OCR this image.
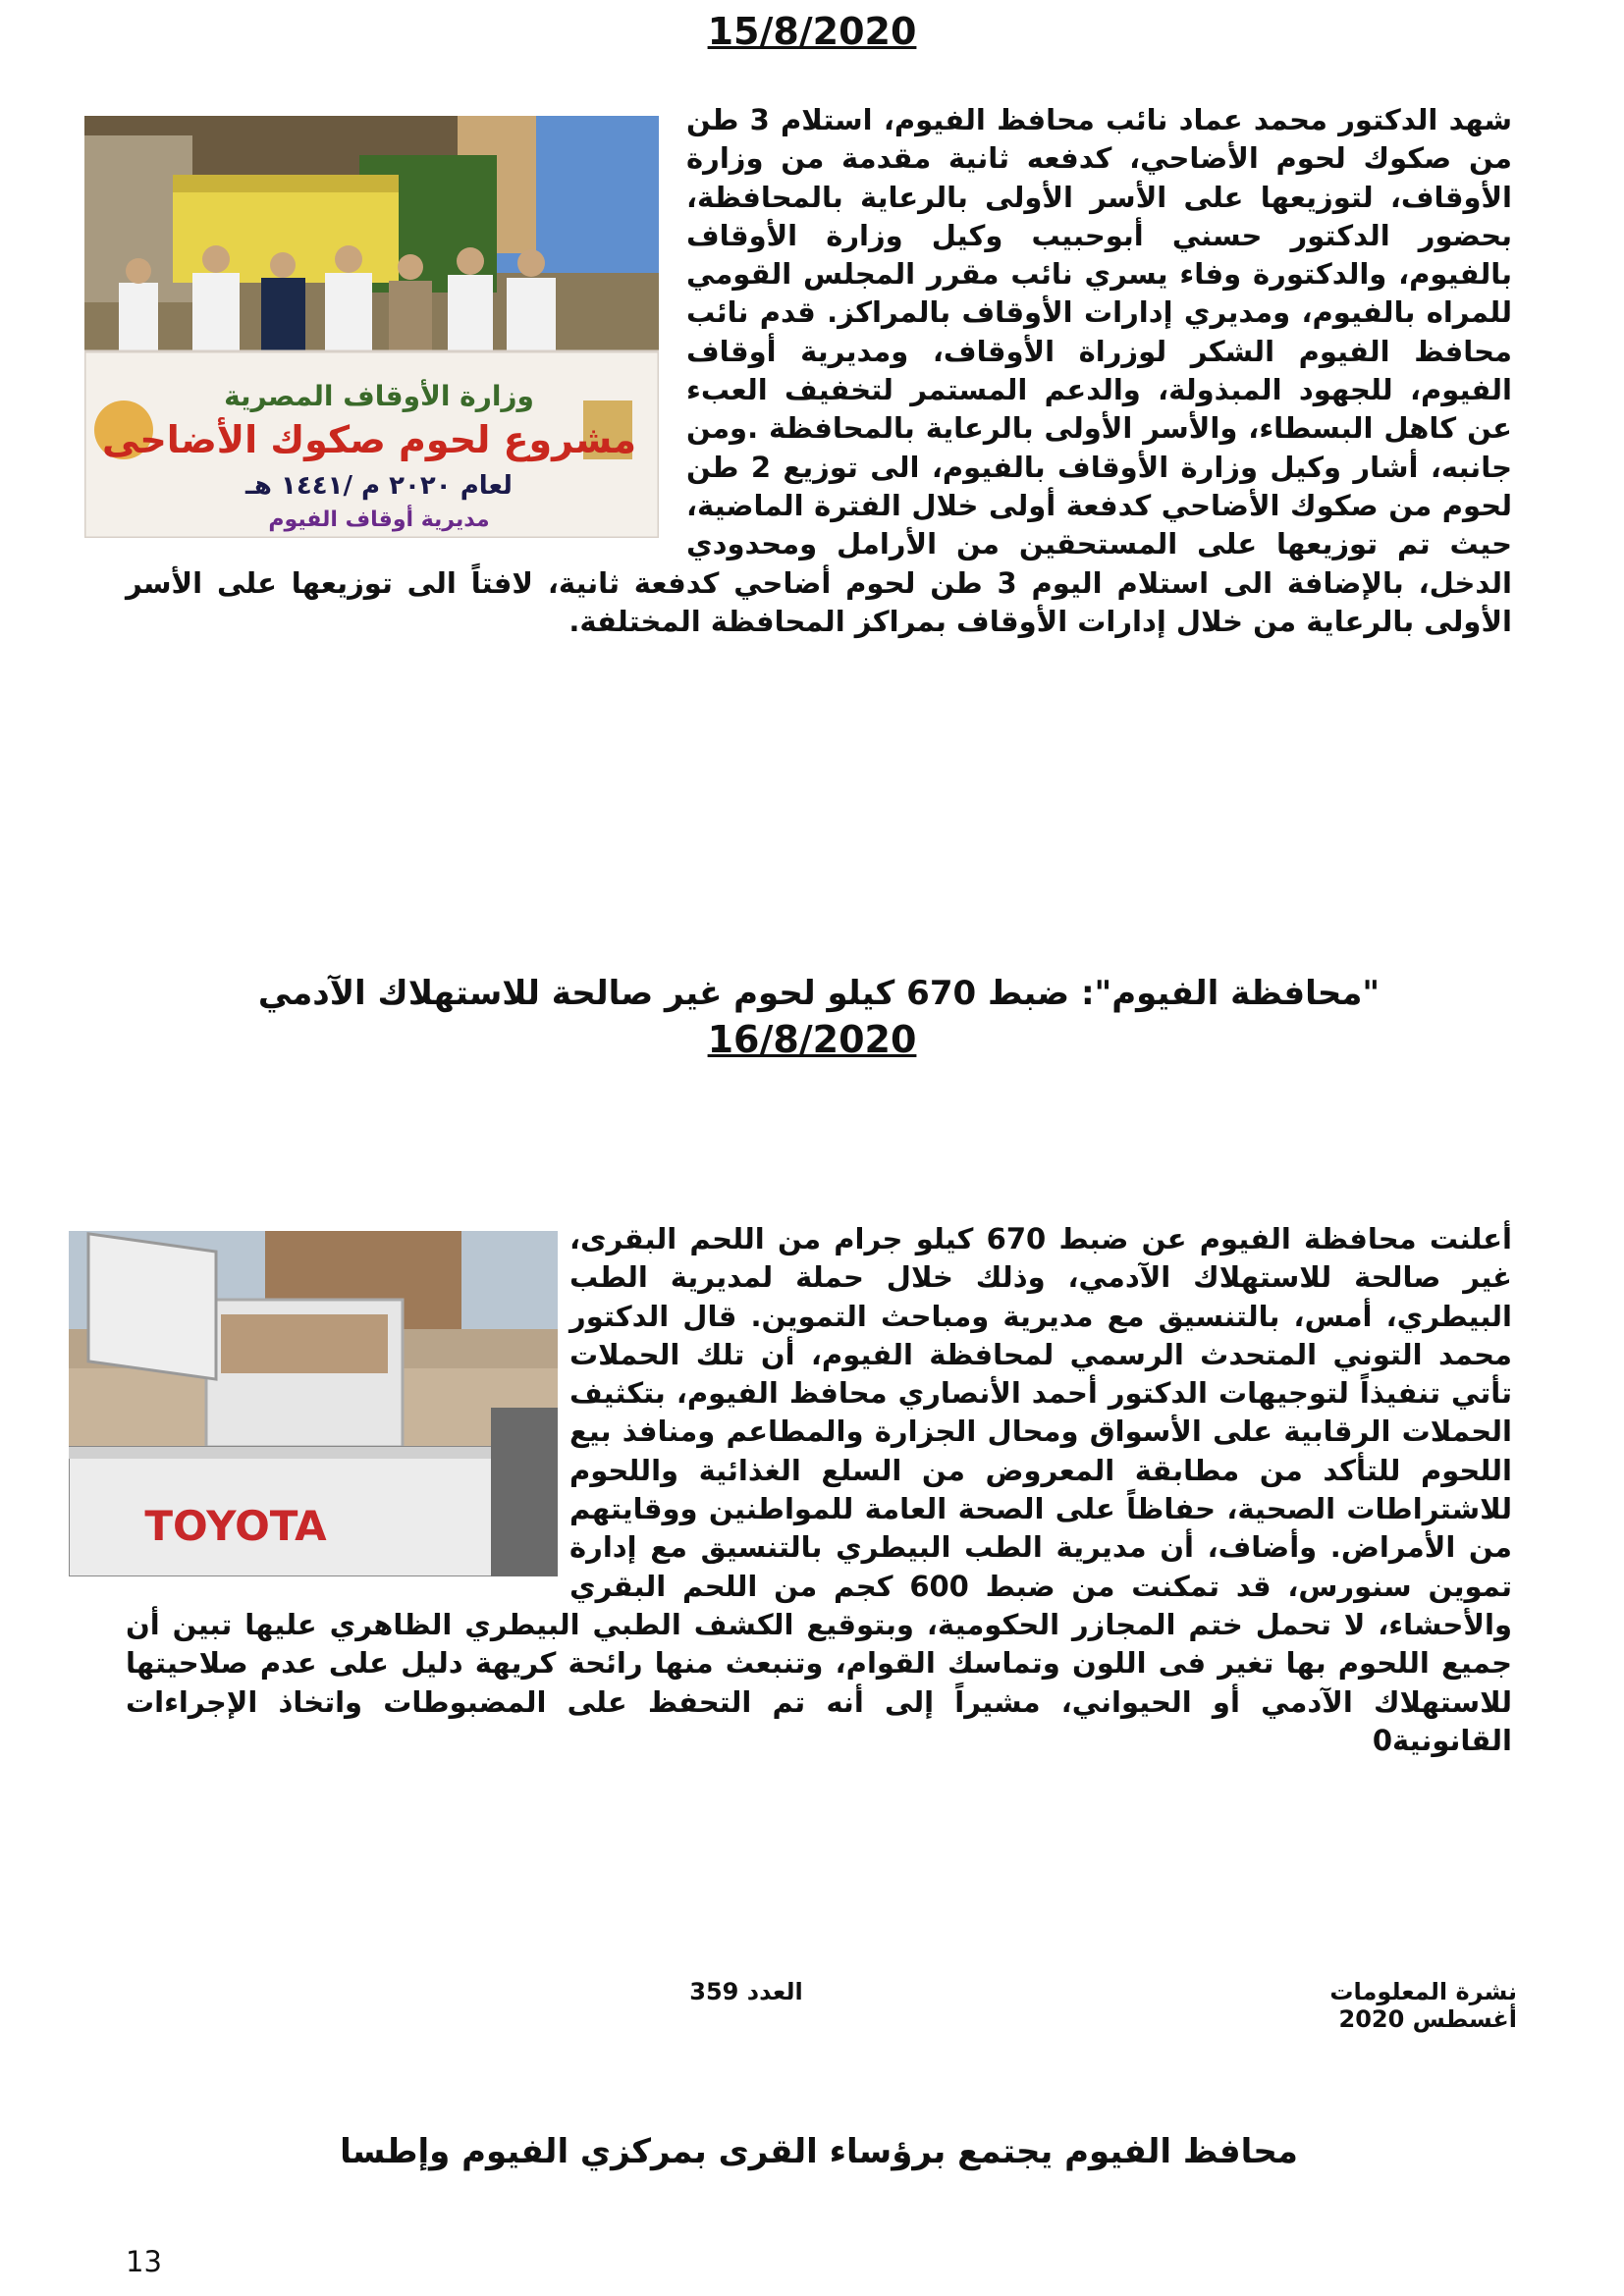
15/8/2020
وزارة الأوقاف المصرية
مشروع لحوم صكوك الأضاحى
لعام ٢٠٢٠ م /١٤٤١ هـ
مديرية أوقاف الفيوم

شهد الدكتور محمد عماد نائب محافظ الفيوم، استلام 3 طن من صكوك لحوم الأضاحي، كدفعه ثانية مقدمة من وزارة الأوقاف، لتوزيعها على الأسر الأولى بالرعاية بالمحافظة، بحضور الدكتور حسني أبوحبيب وكيل وزارة الأوقاف بالفيوم، والدكتورة وفاء يسري نائب مقرر المجلس القومي للمراه بالفيوم، ومديري إدارات الأوقاف بالمراكز. قدم نائب محافظ الفيوم الشكر لوزراة الأوقاف، ومديرية أوقاف الفيوم، للجهود المبذولة، والدعم المستمر لتخفيف العبء عن كاهل البسطاء، والأسر الأولى بالرعاية بالمحافظة .ومن جانبه، أشار وكيل وزارة الأوقاف بالفيوم، الى توزيع 2 طن لحوم من صكوك الأضاحي كدفعة أولى خلال الفترة الماضية، حيث تم توزيعها على المستحقين من الأرامل ومحدودي الدخل، بالإضافة الى استلام اليوم 3 طن لحوم أضاحي كدفعة ثانية، لافتاً الى توزيعها على الأسر الأولى بالرعاية من خلال إدارات الأوقاف بمراكز المحافظة المختلفة.

"محافظة الفيوم": ضبط 670 كيلو لحوم غير صالحة للاستهلاك الآدمي
16/8/2020
TOYOTA

أعلنت محافظة الفيوم عن ضبط 670 كيلو جرام من اللحم البقرى، غير صالحة للاستهلاك الآدمي، وذلك خلال حملة لمديرية الطب البيطري، أمس، بالتنسيق مع مديرية ومباحث التموين. قال الدكتور محمد التوني المتحدث الرسمي لمحافظة الفيوم، أن تلك الحملات تأتي تنفيذاً لتوجيهات الدكتور أحمد الأنصاري محافظ الفيوم، بتكثيف الحملات الرقابية على الأسواق ومحال الجزارة والمطاعم ومنافذ بيع اللحوم للتأكد من مطابقة المعروض من السلع الغذائية واللحوم للاشتراطات الصحية، حفاظاً على الصحة العامة للمواطنين ووقايتهم من الأمراض. وأضاف، أن مديرية الطب البيطري بالتنسيق مع إدارة تموين سنورس، قد تمكنت من ضبط 600 كجم من اللحم البقري والأحشاء، لا تحمل ختم المجازر الحكومية، وبتوقيع الكشف الطبي البيطري الظاهري عليها تبين أن جميع اللحوم بها تغير فى اللون وتماسك القوام، وتنبعث منها رائحة كريهة دليل على عدم صلاحيتها للاستهلاك الآدمي أو الحيواني، مشيراً إلى أنه تم التحفظ على المضبوطات واتخاذ الإجراءات القانونية0

نشرة المعلومات
أغسطس 2020
العدد 359
محافظ الفيوم يجتمع برؤساء القرى بمركزي الفيوم وإطسا
13
